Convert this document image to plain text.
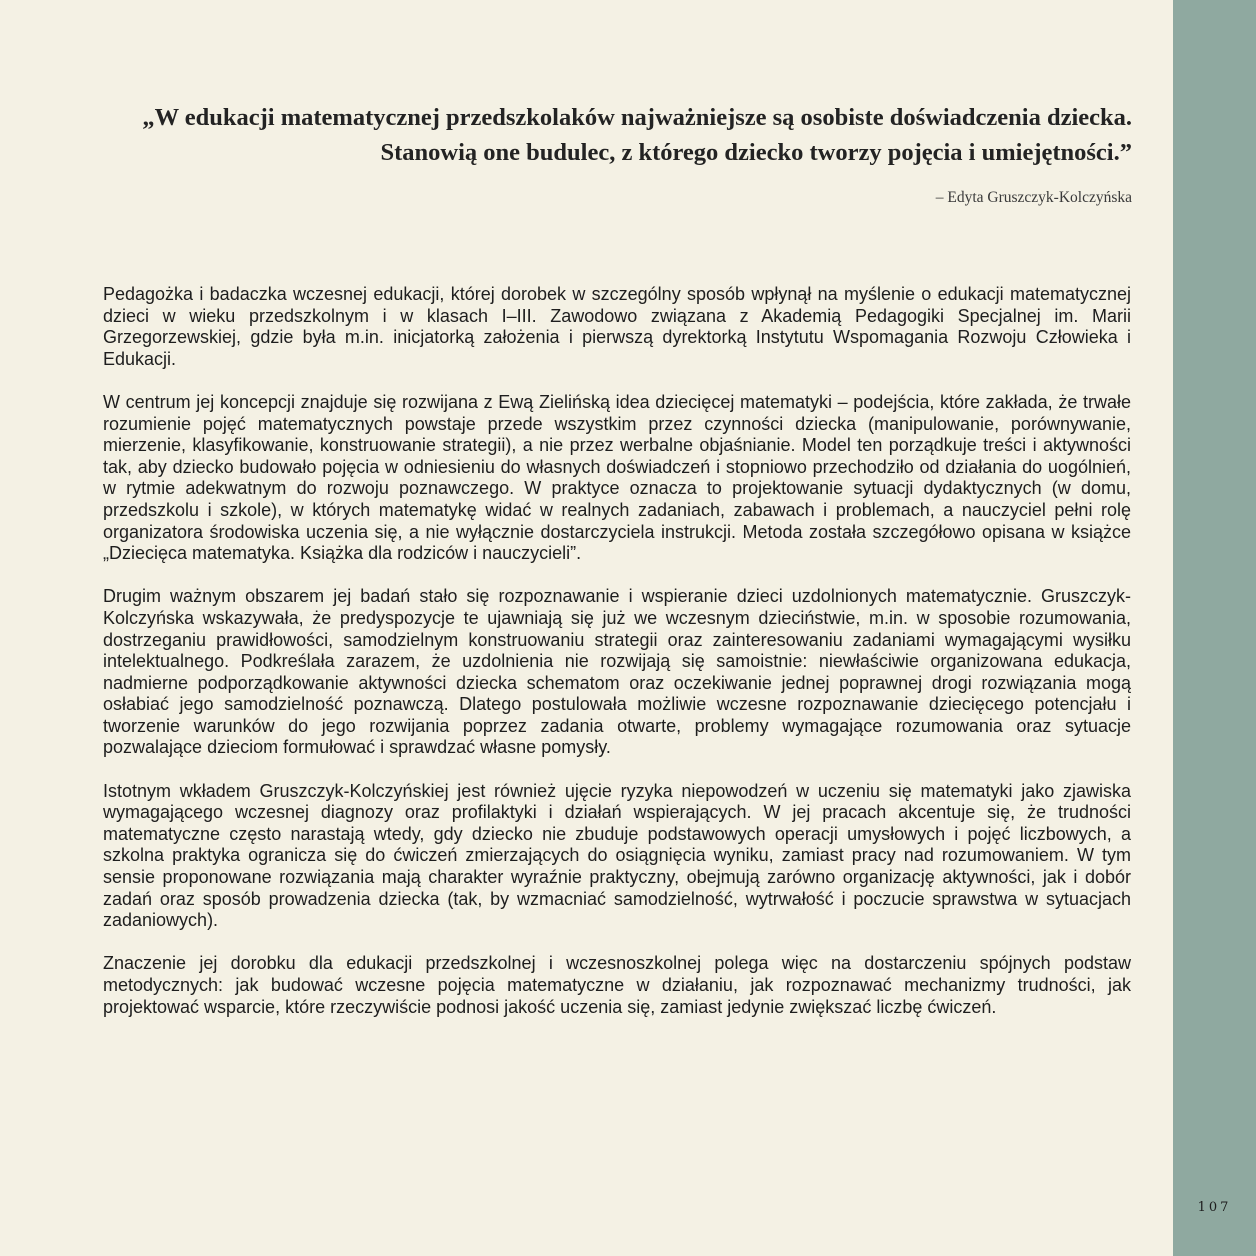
„W edukacji matematycznej przedszkolaków najważniejsze są osobiste doświadczenia dziecka.
Stanowią one budulec, z którego dziecko tworzy pojęcia i umiejętności.”
– Edyta Gruszczyk-Kolczyńska

Pedagożka i badaczka wczesnej edukacji, której dorobek w szczególny sposób wpłynął na myślenie o edukacji matematycznej dzieci w wieku przedszkolnym i w klasach I–III. Zawodowo związana z Akademią Pedagogiki Specjalnej im. Marii Grzegorzewskiej, gdzie była m.in. inicjatorką założenia i pierwszą dyrektorką Instytutu Wspomagania Rozwoju Człowieka i Edukacji.

W centrum jej koncepcji znajduje się rozwijana z Ewą Zielińską idea dziecięcej matematyki – podejścia, które zakłada, że trwałe rozumienie pojęć matematycznych powstaje przede wszystkim przez czynności dziecka (manipulowanie, porównywanie, mierzenie, klasyfikowanie, konstruowanie strategii), a nie przez werbalne objaśnianie. Model ten porządkuje treści i aktywności tak, aby dziecko budowało pojęcia w odniesieniu do własnych doświadczeń i stopniowo przechodziło od działania do uogólnień, w rytmie adekwatnym do rozwoju poznawczego. W praktyce oznacza to projektowanie sytuacji dydaktycznych (w domu, przedszkolu i szkole), w których matematykę widać w realnych zadaniach, zabawach i problemach, a nauczyciel pełni rolę organizatora środowiska uczenia się, a nie wyłącznie dostarczyciela instrukcji. Metoda została szczegółowo opisana w książce „Dziecięca matematyka. Książka dla rodziców i nauczycieli”.

Drugim ważnym obszarem jej badań stało się rozpoznawanie i wspieranie dzieci uzdolnionych matematycznie. Gruszczyk-Kolczyńska wskazywała, że predyspozycje te ujawniają się już we wczesnym dzieciństwie, m.in. w sposobie rozumowania, dostrzeganiu prawidłowości, samodzielnym konstruowaniu strategii oraz zainteresowaniu zadaniami wymagającymi wysiłku intelektualnego. Podkreślała zarazem, że uzdolnienia nie rozwijają się samoistnie: niewłaściwie organizowana edukacja, nadmierne podporządkowanie aktywności dziecka schematom oraz oczekiwanie jednej poprawnej drogi rozwiązania mogą osłabiać jego samodzielność poznawczą. Dlatego postulowała możliwie wczesne rozpoznawanie dziecięcego potencjału i tworzenie warunków do jego rozwijania poprzez zadania otwarte, problemy wymagające rozumowania oraz sytuacje pozwalające dzieciom formułować i sprawdzać własne pomysły.

Istotnym wkładem Gruszczyk-Kolczyńskiej jest również ujęcie ryzyka niepowodzeń w uczeniu się matematyki jako zjawiska wymagającego wczesnej diagnozy oraz profilaktyki i działań wspierających. W jej pracach akcentuje się, że trudności matematyczne często narastają wtedy, gdy dziecko nie zbuduje podstawowych operacji umysłowych i pojęć liczbowych, a szkolna praktyka ogranicza się do ćwiczeń zmierzających do osiągnięcia wyniku, zamiast pracy nad rozumowaniem. W tym sensie proponowane rozwiązania mają charakter wyraźnie praktyczny, obejmują zarówno organizację aktywności, jak i dobór zadań oraz sposób prowadzenia dziecka (tak, by wzmacniać samodzielność, wytrwałość i poczucie sprawstwa w sytuacjach zadaniowych).

Znaczenie jej dorobku dla edukacji przedszkolnej i wczesnoszkolnej polega więc na dostarczeniu spójnych podstaw metodycznych: jak budować wczesne pojęcia matematyczne w działaniu, jak rozpoznawać mechanizmy trudności, jak projektować wsparcie, które rzeczywiście podnosi jakość uczenia się, zamiast jedynie zwiększać liczbę ćwiczeń.

107
